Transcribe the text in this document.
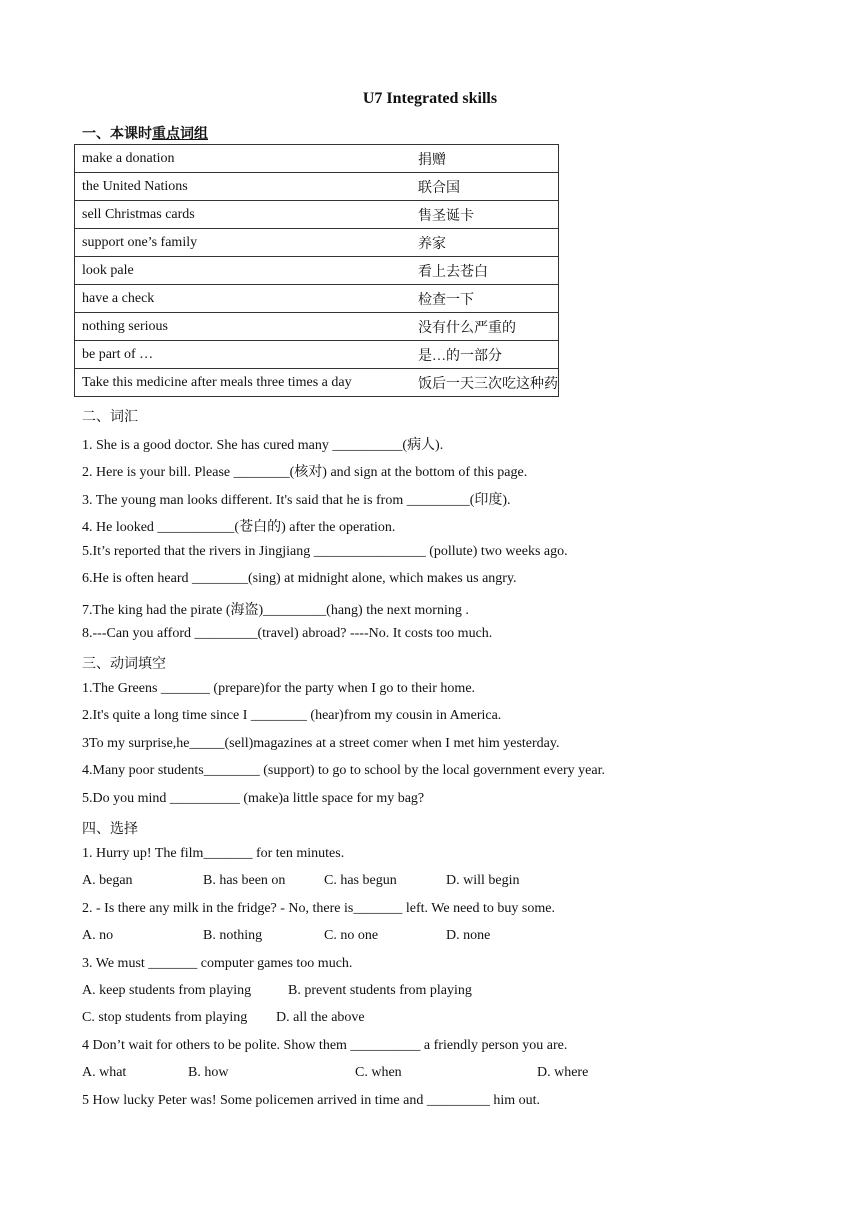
U7 Integrated skills
一、本课时重点词组
make a donation	捐赠
the United Nations	联合国
sell Christmas cards	售圣诞卡
support one’s family	养家
look pale	看上去苍白
have a check	检查一下
nothing serious	没有什么严重的
be part of …	是…的一部分
Take this medicine after meals three times a day	饭后一天三次吃这种药
二、词汇
1. She is a good doctor. She has cured many __________(病人).
2. Here is your bill. Please ________(核对) and sign at the bottom of this page.
3. The young man looks different. It's said that he is from _________(印度).
4. He looked ___________(苍白的) after the operation.
5.It’s reported that the rivers in Jingjiang ________________ (pollute) two weeks ago.
6.He is often heard ________(sing) at midnight alone, which makes us angry.
7.The king had the pirate (海盗)_________(hang) the next morning .
8.---Can you afford _________(travel) abroad? ----No. It costs too much.
三、动词填空
1.The Greens _______ (prepare)for the party when I go to their home.
2.It's quite a long time since I ________ (hear)from my cousin in America.
3To my surprise,he_____(sell)magazines at a street comer when I met him yesterday.
4.Many poor students________ (support) to go to school by the local government every year.
5.Do you mind __________ (make)a little space for my bag?
四、选择
1. Hurry up! The film_______ for ten minutes.
A. began	B. has been on	C. has begun	D. will begin
2. - Is there any milk in the fridge? - No, there is_______ left. We need to buy some.
A. no	B. nothing	C. no one	D. none
3. We must _______ computer games too much.
A. keep students from playing	B. prevent students from playing
C. stop students from playing D. all the above
4 Don’t wait for others to be polite. Show them __________ a friendly person you are.
A. what	B. how	C. when	D. where
5 How lucky Peter was! Some policemen arrived in time and _________ him out.
